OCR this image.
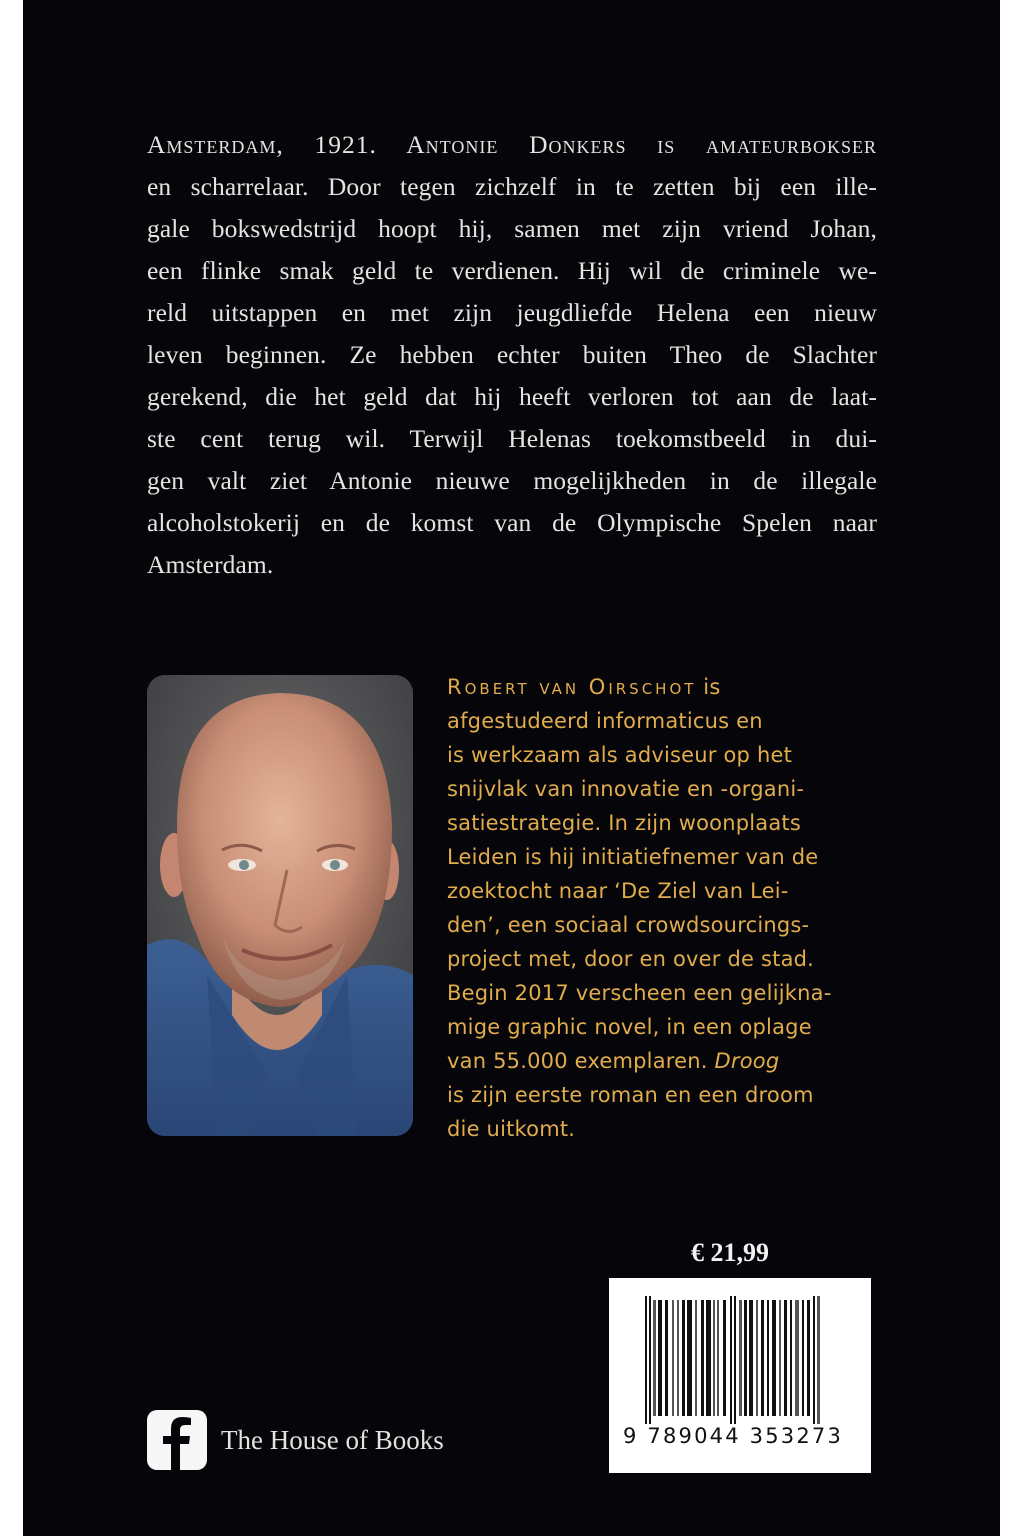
Amsterdam, 1921. Antonie Donkers is amateurbokser
en scharrelaar. Door tegen zichzelf in te zetten bij een ille-
gale bokswedstrijd hoopt hij, samen met zijn vriend Johan,
een flinke smak geld te verdienen. Hij wil de criminele we-
reld uitstappen en met zijn jeugdliefde Helena een nieuw
leven beginnen. Ze hebben echter buiten Theo de Slachter
gerekend, die het geld dat hij heeft verloren tot aan de laat-
ste cent terug wil. Terwijl Helenas toekomstbeeld in dui-
gen valt ziet Antonie nieuwe mogelijkheden in de illegale
alcoholstokerij en de komst van de Olympische Spelen naar
Amsterdam.
Robert van Oirschot is
afgestudeerd informaticus en
is werkzaam als adviseur op het
snijvlak van innovatie en -organi-
satiestrategie. In zijn woonplaats
Leiden is hij initiatiefnemer van de
zoektocht naar ‘De Ziel van Lei-
den’, een sociaal crowdsourcings-
project met, door en over de stad.
Begin 2017 verscheen een gelijkna-
mige graphic novel, in een oplage
van 55.000 exemplaren. Droog
is zijn eerste roman en een droom
die uitkomt.
€ 21,99
9 789044 353273
The House of Books
